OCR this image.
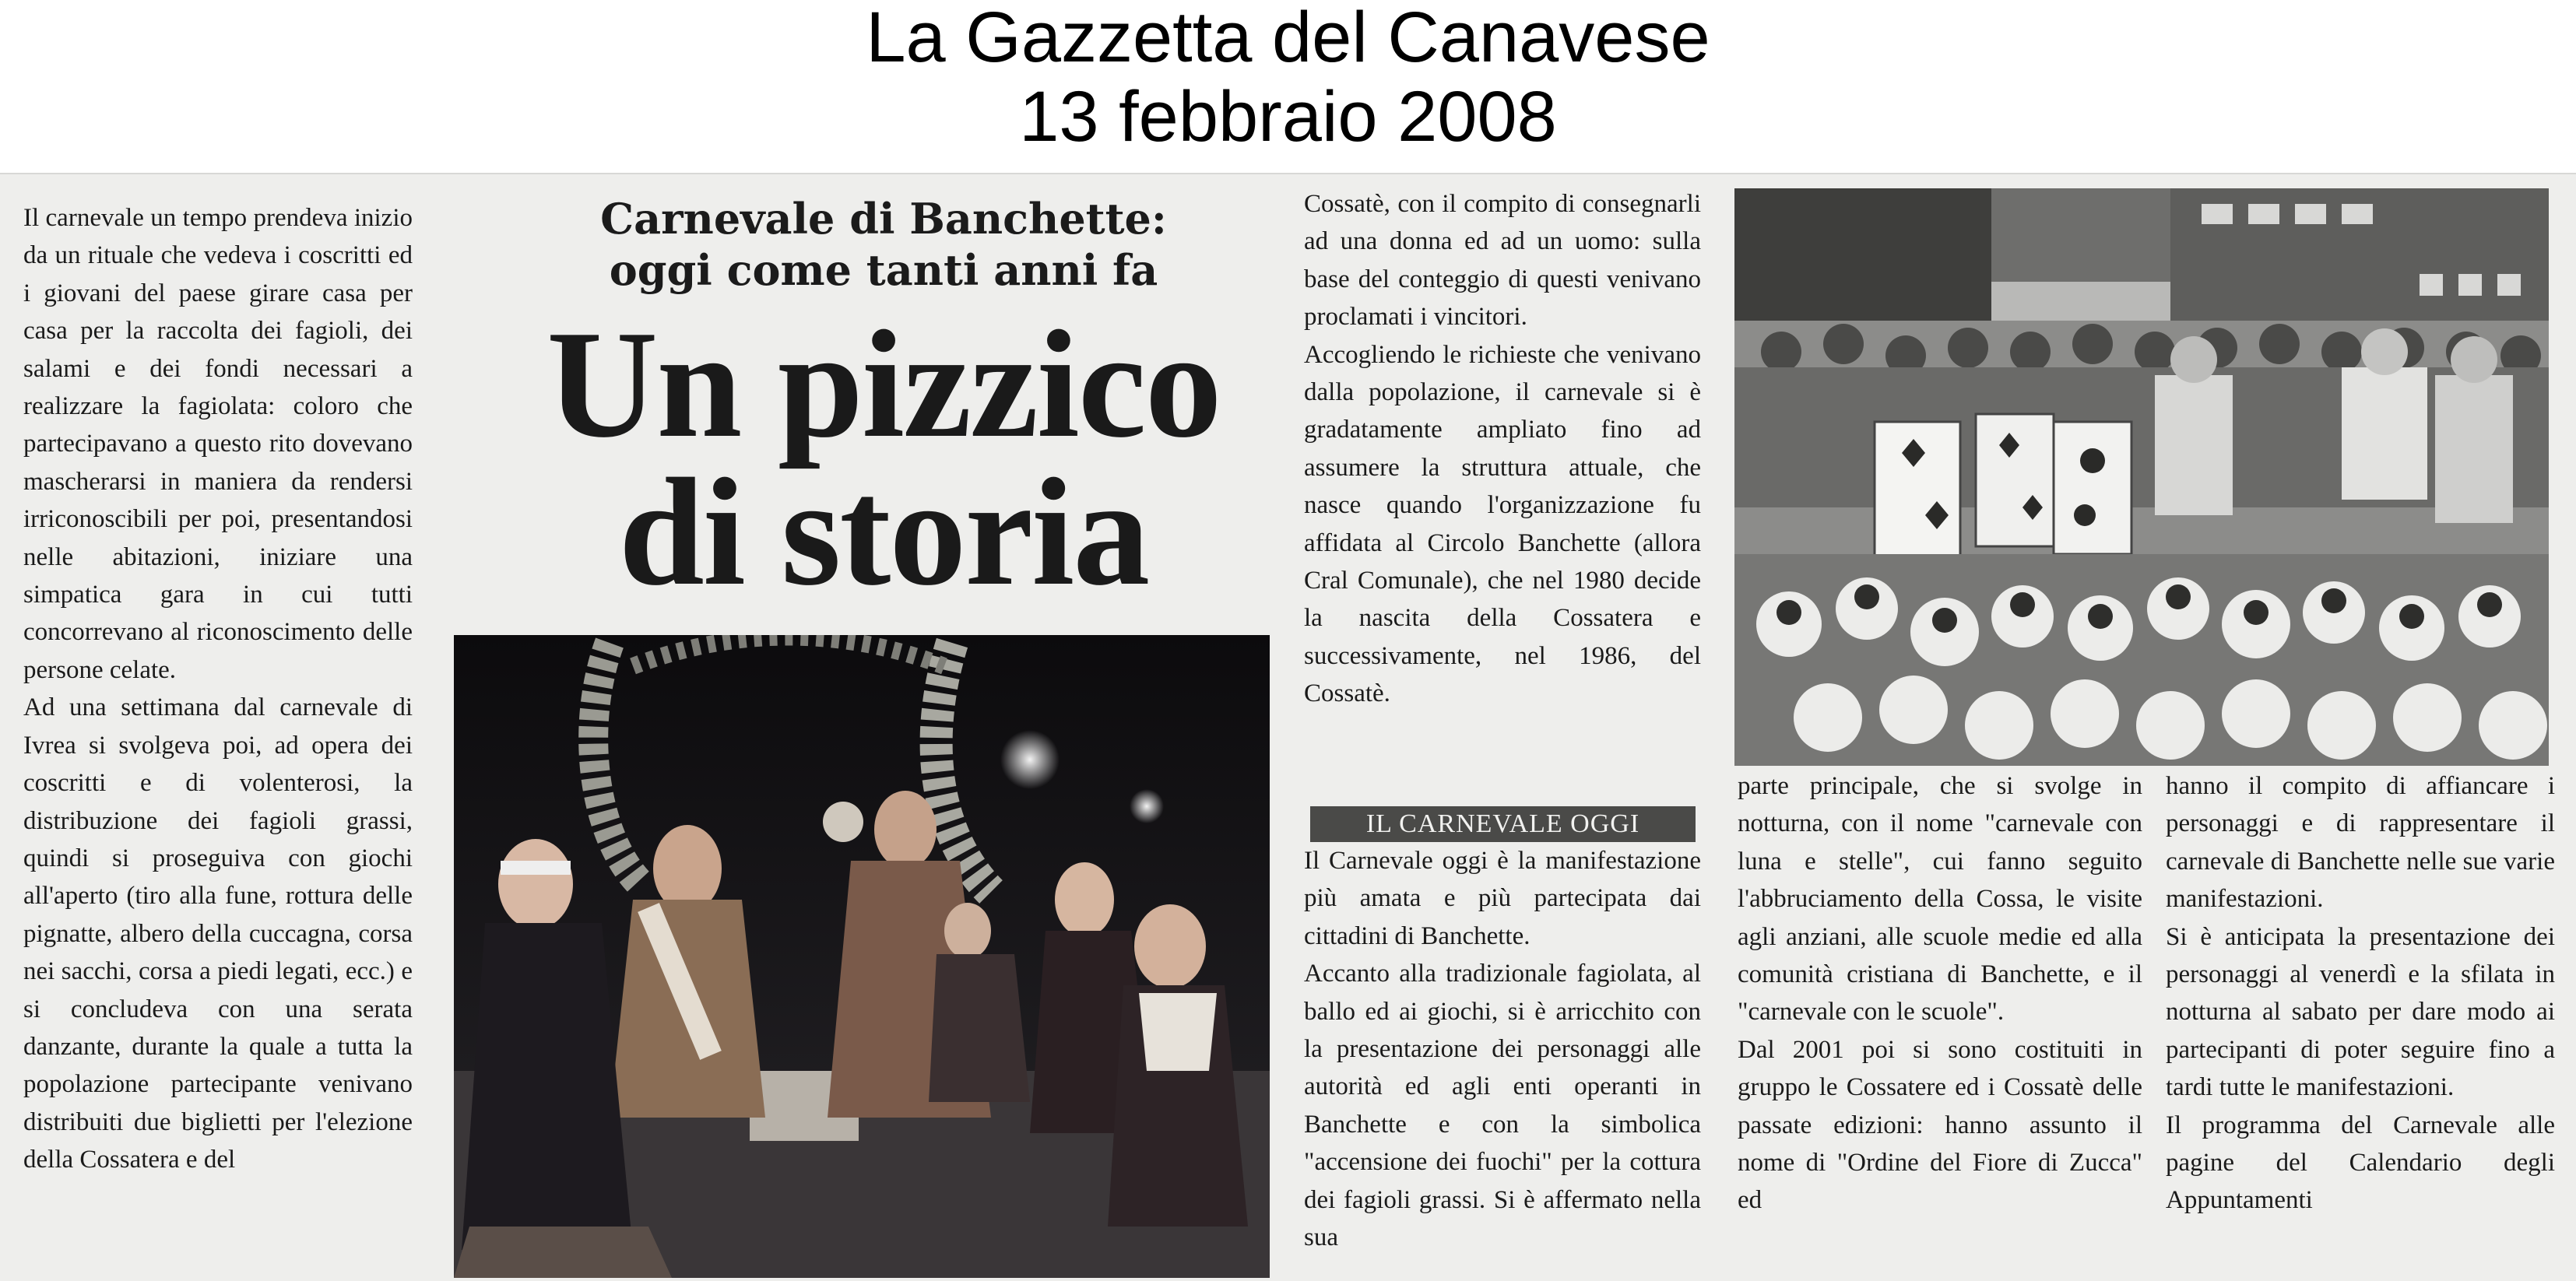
La Gazzetta del Canavese
13 febbraio 2008

Il carnevale un tempo prendeva inizio da un rituale che vedeva i coscritti ed i giovani del paese girare casa per casa per la raccolta dei fagioli, dei salami e dei fondi necessari a realizzare la fagiolata: coloro che partecipavano a questo rito dovevano mascherarsi in maniera da rendersi irriconoscibili per poi, presentandosi nelle abitazioni, iniziare una simpatica gara in cui tutti concorrevano al riconoscimento delle persone celate.

Ad una settimana dal carnevale di Ivrea si svolgeva poi, ad opera dei coscritti e di volenterosi, la distribuzione dei fagioli grassi, quindi si proseguiva con giochi all'aperto (tiro alla fune, rottura delle pignatte, albero della cuccagna, corsa nei sacchi, corsa a piedi legati, ecc.) e si concludeva con una serata danzante, durante la quale a tutta la popolazione partecipante venivano distribuiti due biglietti per l'elezione della Cossatera e del

Carnevale di Banchette:
oggi come tanti anni fa
Un pizzico
di storia

Cossatè, con il compito di consegnarli ad una donna ed ad un uomo: sulla base del conteggio di questi venivano proclamati i vincitori.

Accogliendo le richieste che venivano dalla popolazione, il carnevale si è gradatamente ampliato fino ad assumere la struttura attuale, che nasce quando l'organizzazione fu affidata al Circolo Banchette (allora Cral Comunale), che nel 1980 decide la nascita della Cossatera e successivamente, nel 1986, del Cossatè.

IL CARNEVALE OGGI

Il Carnevale oggi è la manifestazione più amata e più partecipata dai cittadini di Banchette.

Accanto alla tradizionale fagiolata, al ballo ed ai giochi, si è arricchito con la presentazione dei personaggi alle autorità ed agli enti operanti in Banchette e con la simbolica "accensione dei fuochi" per la cottura dei fagioli grassi. Si è affermato nella sua

parte principale, che si svolge in notturna, con il nome "carnevale con luna e stelle", cui fanno seguito l'abbruciamento della Cossa, le visite agli anziani, alle scuole medie ed alla comunità cristiana di Banchette, e il "carnevale con le scuole".

Dal 2001 poi si sono costituiti in gruppo le Cossatere ed i Cossatè delle passate edizioni: hanno assunto il nome di "Ordine del Fiore di Zucca" ed

hanno il compito di affiancare i personaggi e di rappresentare il carnevale di Banchette nelle sue varie manifestazioni.

Si è anticipata la presentazione dei personaggi al venerdì e la sfilata in notturna al sabato per dare modo ai partecipanti di poter seguire fino a tardi tutte le manifestazioni.

Il programma del Carnevale alle pagine del Calendario degli Appuntamenti
